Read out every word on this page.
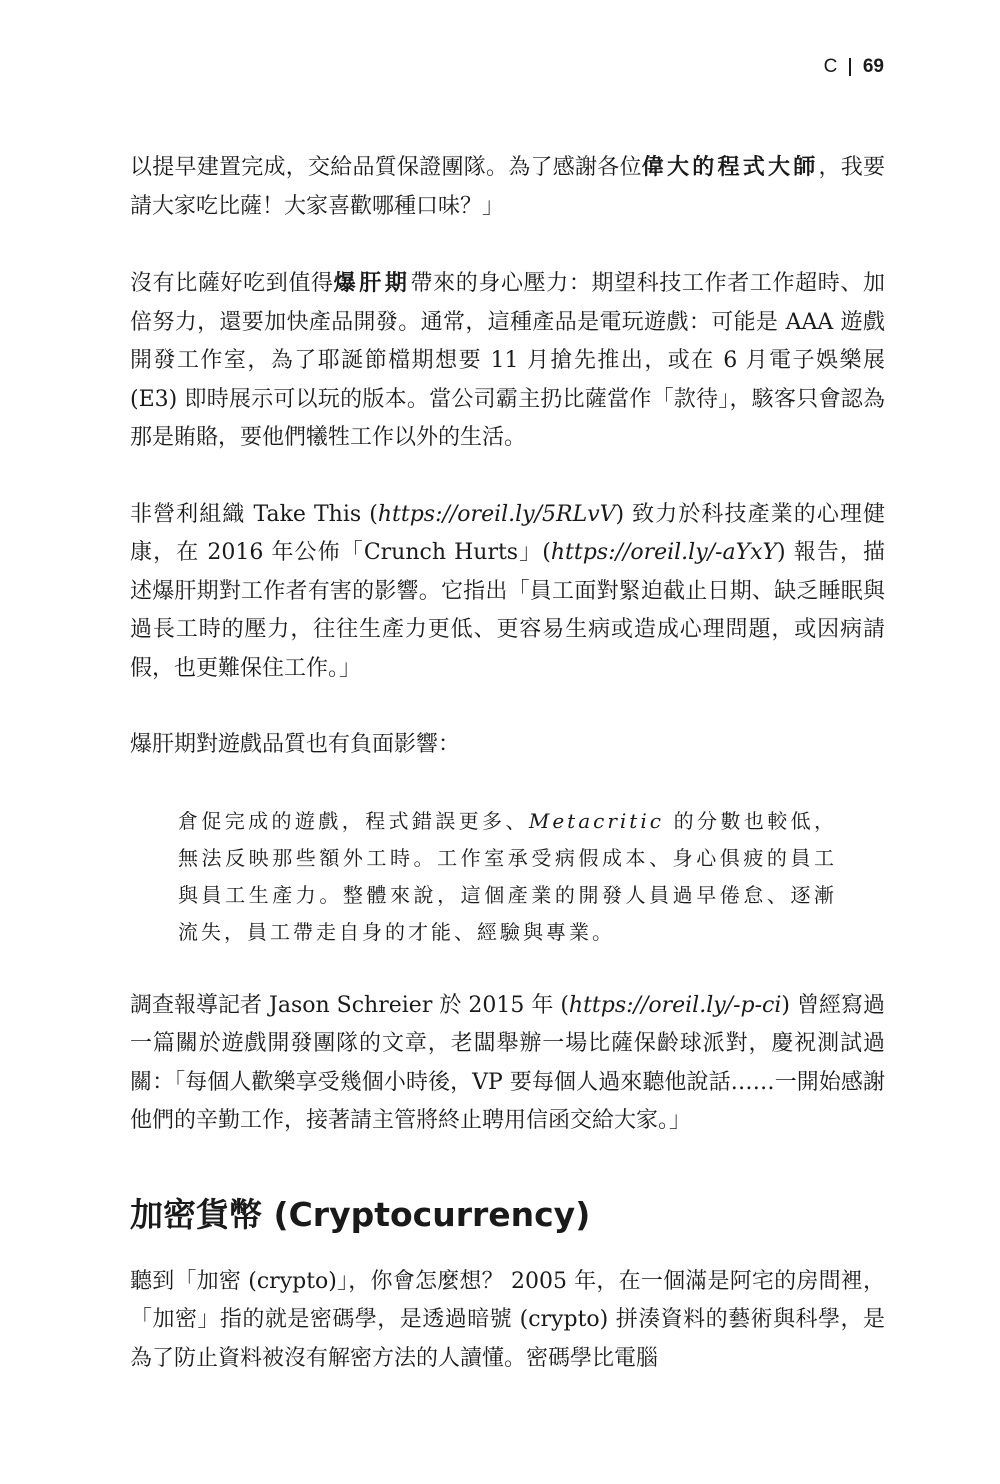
C 69

以提早建置完成，交給品質保證團隊。為了感謝各位偉大的程式大師，我要請大家吃比薩！大家喜歡哪種口味？」

沒有比薩好吃到值得爆肝期帶來的身心壓力：期望科技工作者工作超時、加倍努力，還要加快產品開發。通常，這種產品是電玩遊戲：可能是 AAA 遊戲開發工作室，為了耶誕節檔期想要 11 月搶先推出，或在 6 月電子娛樂展 (E3) 即時展示可以玩的版本。當公司霸主扔比薩當作「款待」，駭客只會認為那是賄賂，要他們犧牲工作以外的生活。

非營利組織 Take This (https://oreil.ly/5RLvV) 致力於科技產業的心理健康，在 2016 年公佈「Crunch Hurts」(https://oreil.ly/-aYxY) 報告，描述爆肝期對工作者有害的影響。它指出「員工面對緊迫截止日期、缺乏睡眠與過長工時的壓力，往往生產力更低、更容易生病或造成心理問題，或因病請假，也更難保住工作。」

爆肝期對遊戲品質也有負面影響：

倉促完成的遊戲，程式錯誤更多、Metacritic 的分數也較低，無法反映那些額外工時。工作室承受病假成本、身心俱疲的員工與員工生產力。整體來說，這個產業的開發人員過早倦怠、逐漸流失，員工帶走自身的才能、經驗與專業。

調查報導記者 Jason Schreier 於 2015 年 (https://oreil.ly/-p-ci) 曾經寫過一篇關於遊戲開發團隊的文章，老闆舉辦一場比薩保齡球派對，慶祝測試過關：「每個人歡樂享受幾個小時後，VP 要每個人過來聽他說話……一開始感謝他們的辛勤工作，接著請主管將終止聘用信函交給大家。」

加密貨幣 (Cryptocurrency)

聽到「加密 (crypto)」，你會怎麼想？ 2005 年，在一個滿是阿宅的房間裡，「加密」指的就是密碼學，是透過暗號 (crypto) 拼湊資料的藝術與科學，是為了防止資料被沒有解密方法的人讀懂。密碼學比電腦
